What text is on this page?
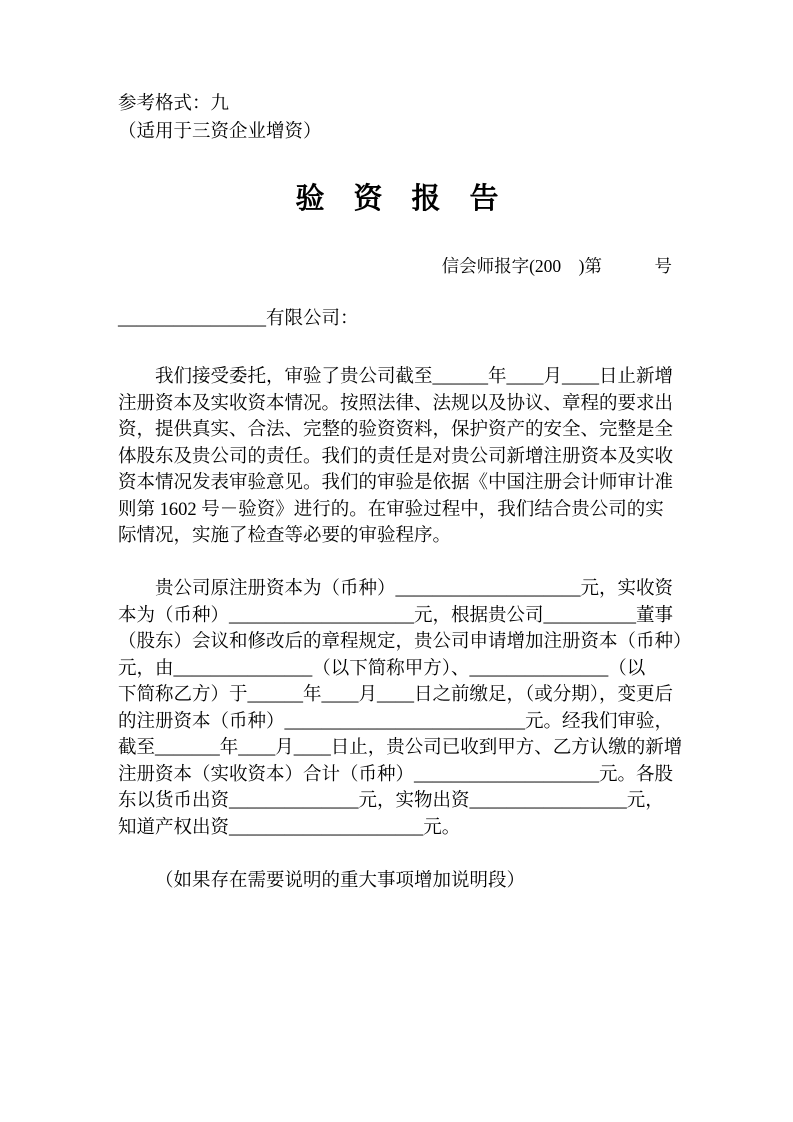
参考格式：九
（适用于三资企业增资）
验　资　报　告
信会师报字(200　)第　　　号
________________有限公司：
我们接受委托，审验了贵公司截至______年____月____日止新增
注册资本及实收资本情况。按照法律、法规以及协议、章程的要求出
资，提供真实、合法、完整的验资资料，保护资产的安全、完整是全
体股东及贵公司的责任。我们的责任是对贵公司新增注册资本及实收
资本情况发表审验意见。我们的审验是依据《中国注册会计师审计准
则第 1602 号－验资》进行的。在审验过程中，我们结合贵公司的实
际情况，实施了检查等必要的审验程序。
贵公司原注册资本为（币种）____________________元，实收资
本为（币种）____________________元，根据贵公司__________董事
（股东）会议和修改后的章程规定，贵公司申请增加注册资本（币种）
元，由_______________（以下简称甲方）、_______________（以
下简称乙方）于______年____月____日之前缴足，（或分期），变更后
的注册资本（币种）__________________________元。经我们审验，
截至_______年____月____日止，贵公司已收到甲方、乙方认缴的新增
注册资本（实收资本）合计（币种）____________________元。各股
东以货币出资______________元，实物出资_________________元，
知道产权出资_____________________元。
（如果存在需要说明的重大事项增加说明段）
